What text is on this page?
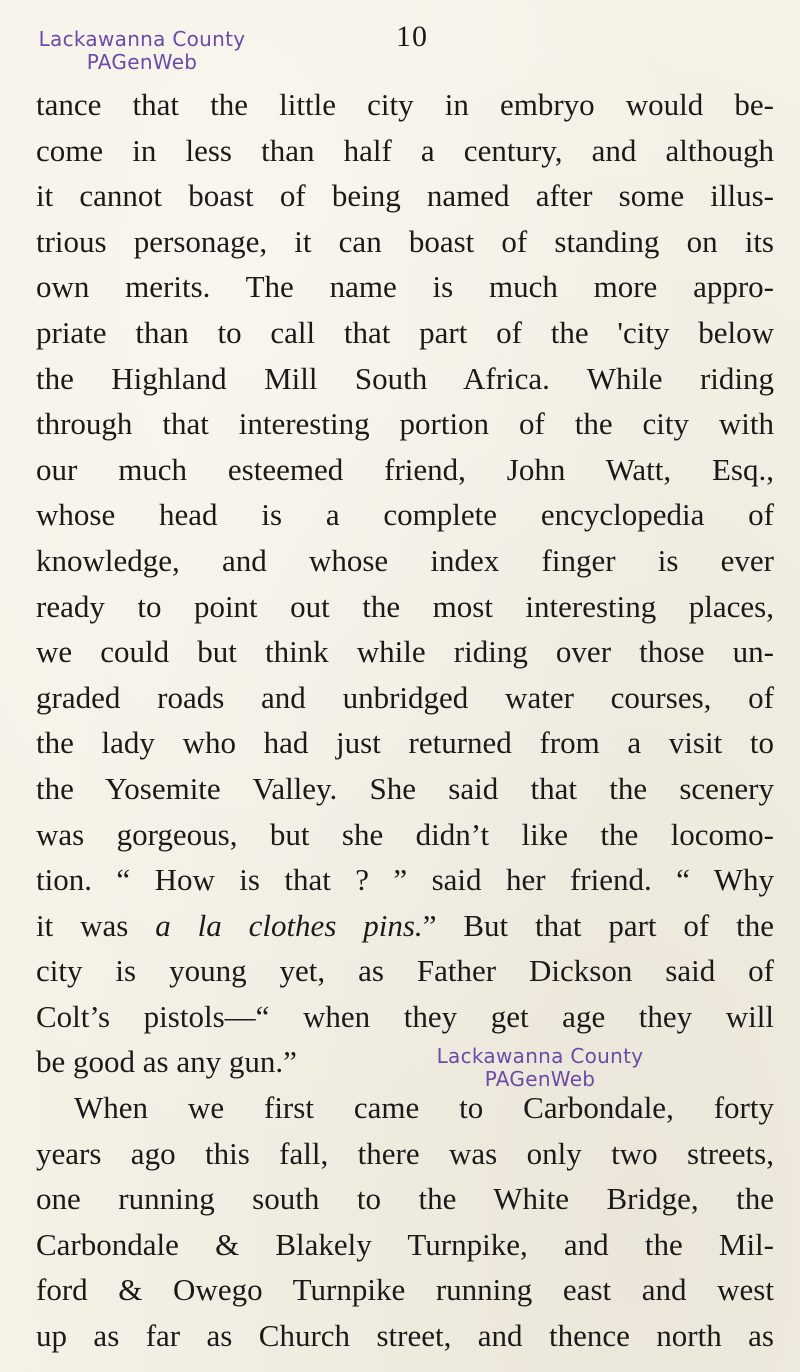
10
Lackawanna County
PAGenWeb
tance that the little city in embryo would be-
come in less than half a century, and although
it cannot boast of being named after some illus-
trious personage, it can boast of standing on its
own merits. The name is much more appro-
priate than to call that part of the 'city below
the Highland Mill South Africa. While riding
through that interesting portion of the city with
our much esteemed friend, John Watt, Esq.,
whose head is a complete encyclopedia of
knowledge, and whose index finger is ever
ready to point out the most interesting places,
we could but think while riding over those un-
graded roads and unbridged water courses, of
the lady who had just returned from a visit to
the Yosemite Valley. She said that the scenery
was gorgeous, but she didn’t like the locomo-
tion. “ How is that ? ” said her friend. “ Why
it was a la clothes pins.” But that part of the
city is young yet, as Father Dickson said of
Colt’s pistols—“ when they get age they will
be good as any gun.”
When we first came to Carbondale, forty
years ago this fall, there was only two streets,
one running south to the White Bridge, the
Carbondale & Blakely Turnpike, and the Mil-
ford & Owego Turnpike running east and west
up as far as Church street, and thence north as
Lackawanna County
PAGenWeb
